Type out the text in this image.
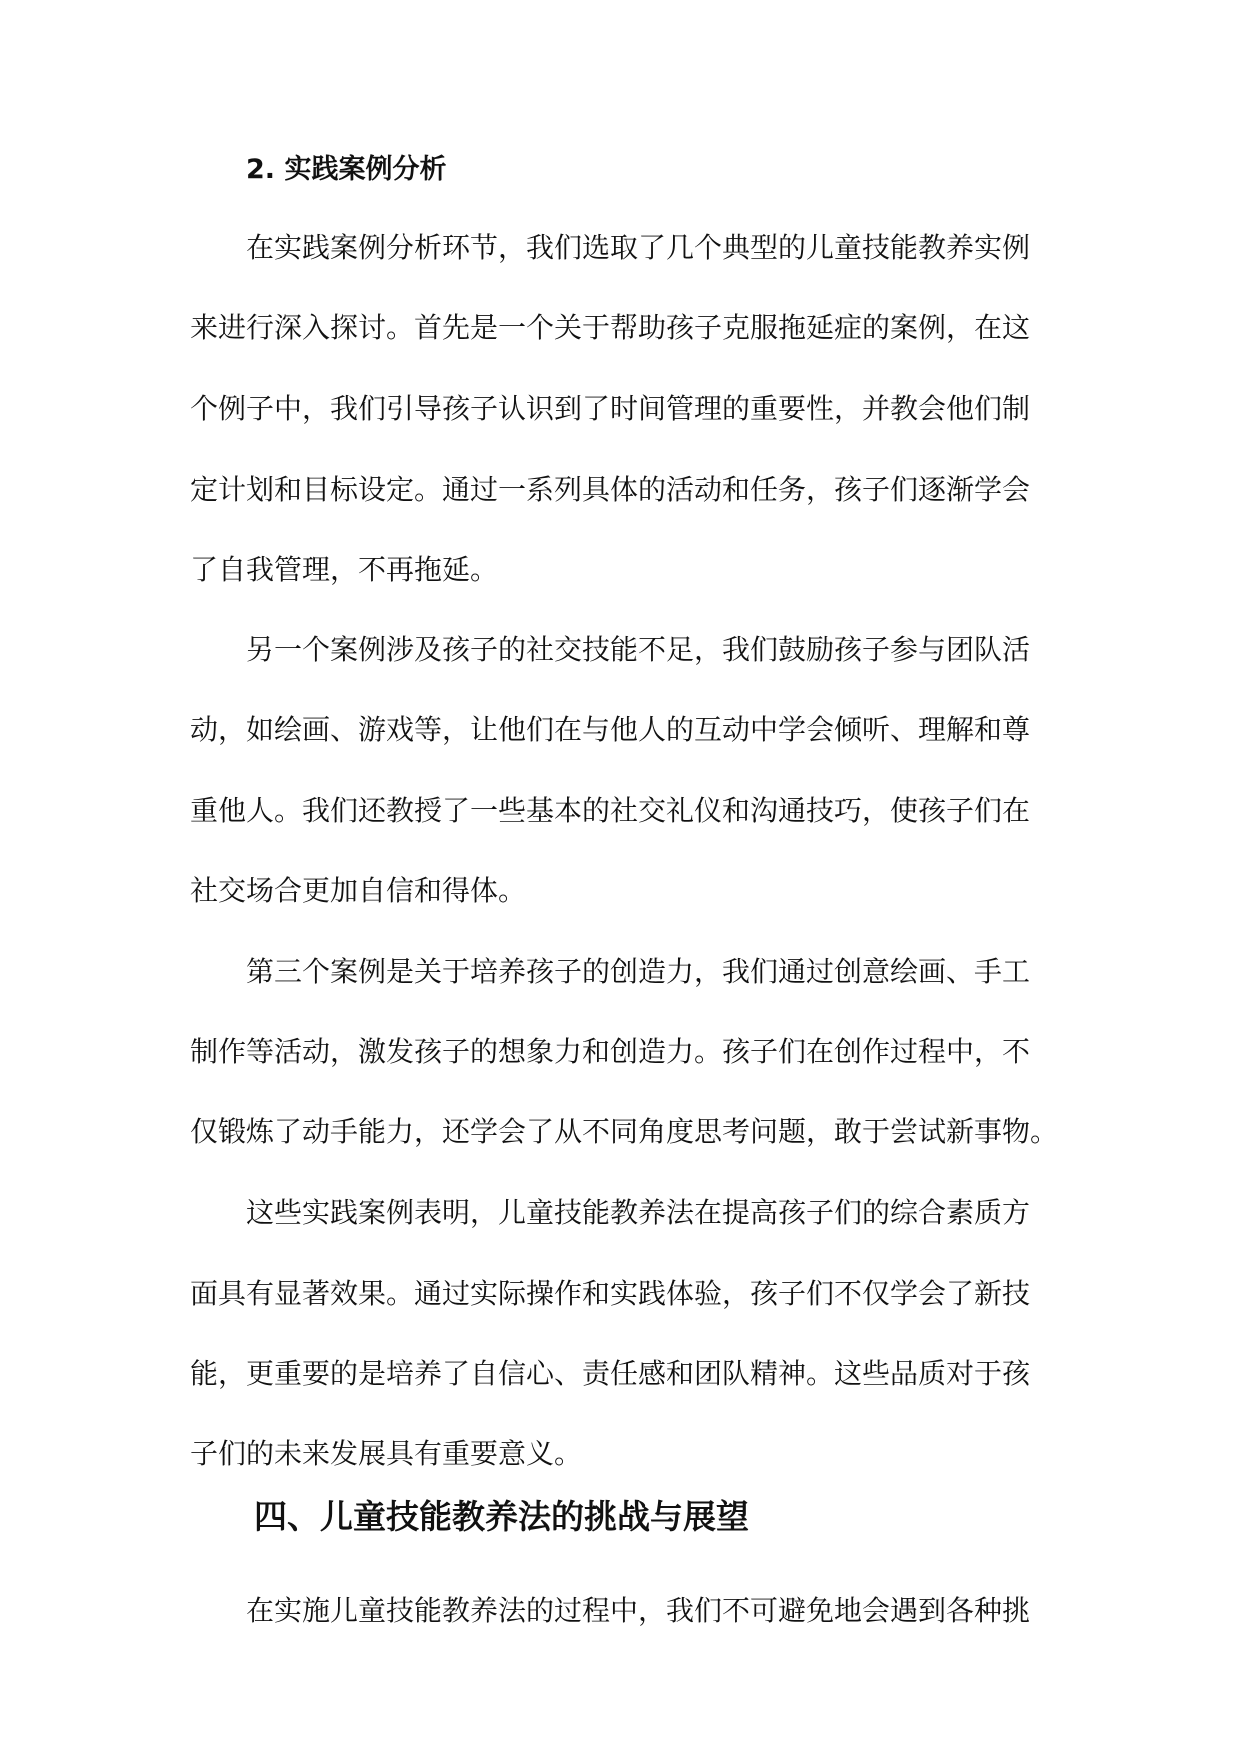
2. 实践案例分析
在实践案例分析环节，我们选取了几个典型的儿童技能教养实例
来进行深入探讨。首先是一个关于帮助孩子克服拖延症的案例，在这
个例子中，我们引导孩子认识到了时间管理的重要性，并教会他们制
定计划和目标设定。通过一系列具体的活动和任务，孩子们逐渐学会
了自我管理，不再拖延。
另一个案例涉及孩子的社交技能不足，我们鼓励孩子参与团队活
动，如绘画、游戏等，让他们在与他人的互动中学会倾听、理解和尊
重他人。我们还教授了一些基本的社交礼仪和沟通技巧，使孩子们在
社交场合更加自信和得体。
第三个案例是关于培养孩子的创造力，我们通过创意绘画、手工
制作等活动，激发孩子的想象力和创造力。孩子们在创作过程中，不
仅锻炼了动手能力，还学会了从不同角度思考问题，敢于尝试新事物。
这些实践案例表明，儿童技能教养法在提高孩子们的综合素质方
面具有显著效果。通过实际操作和实践体验，孩子们不仅学会了新技
能，更重要的是培养了自信心、责任感和团队精神。这些品质对于孩
子们的未来发展具有重要意义。
四、儿童技能教养法的挑战与展望
在实施儿童技能教养法的过程中，我们不可避免地会遇到各种挑
